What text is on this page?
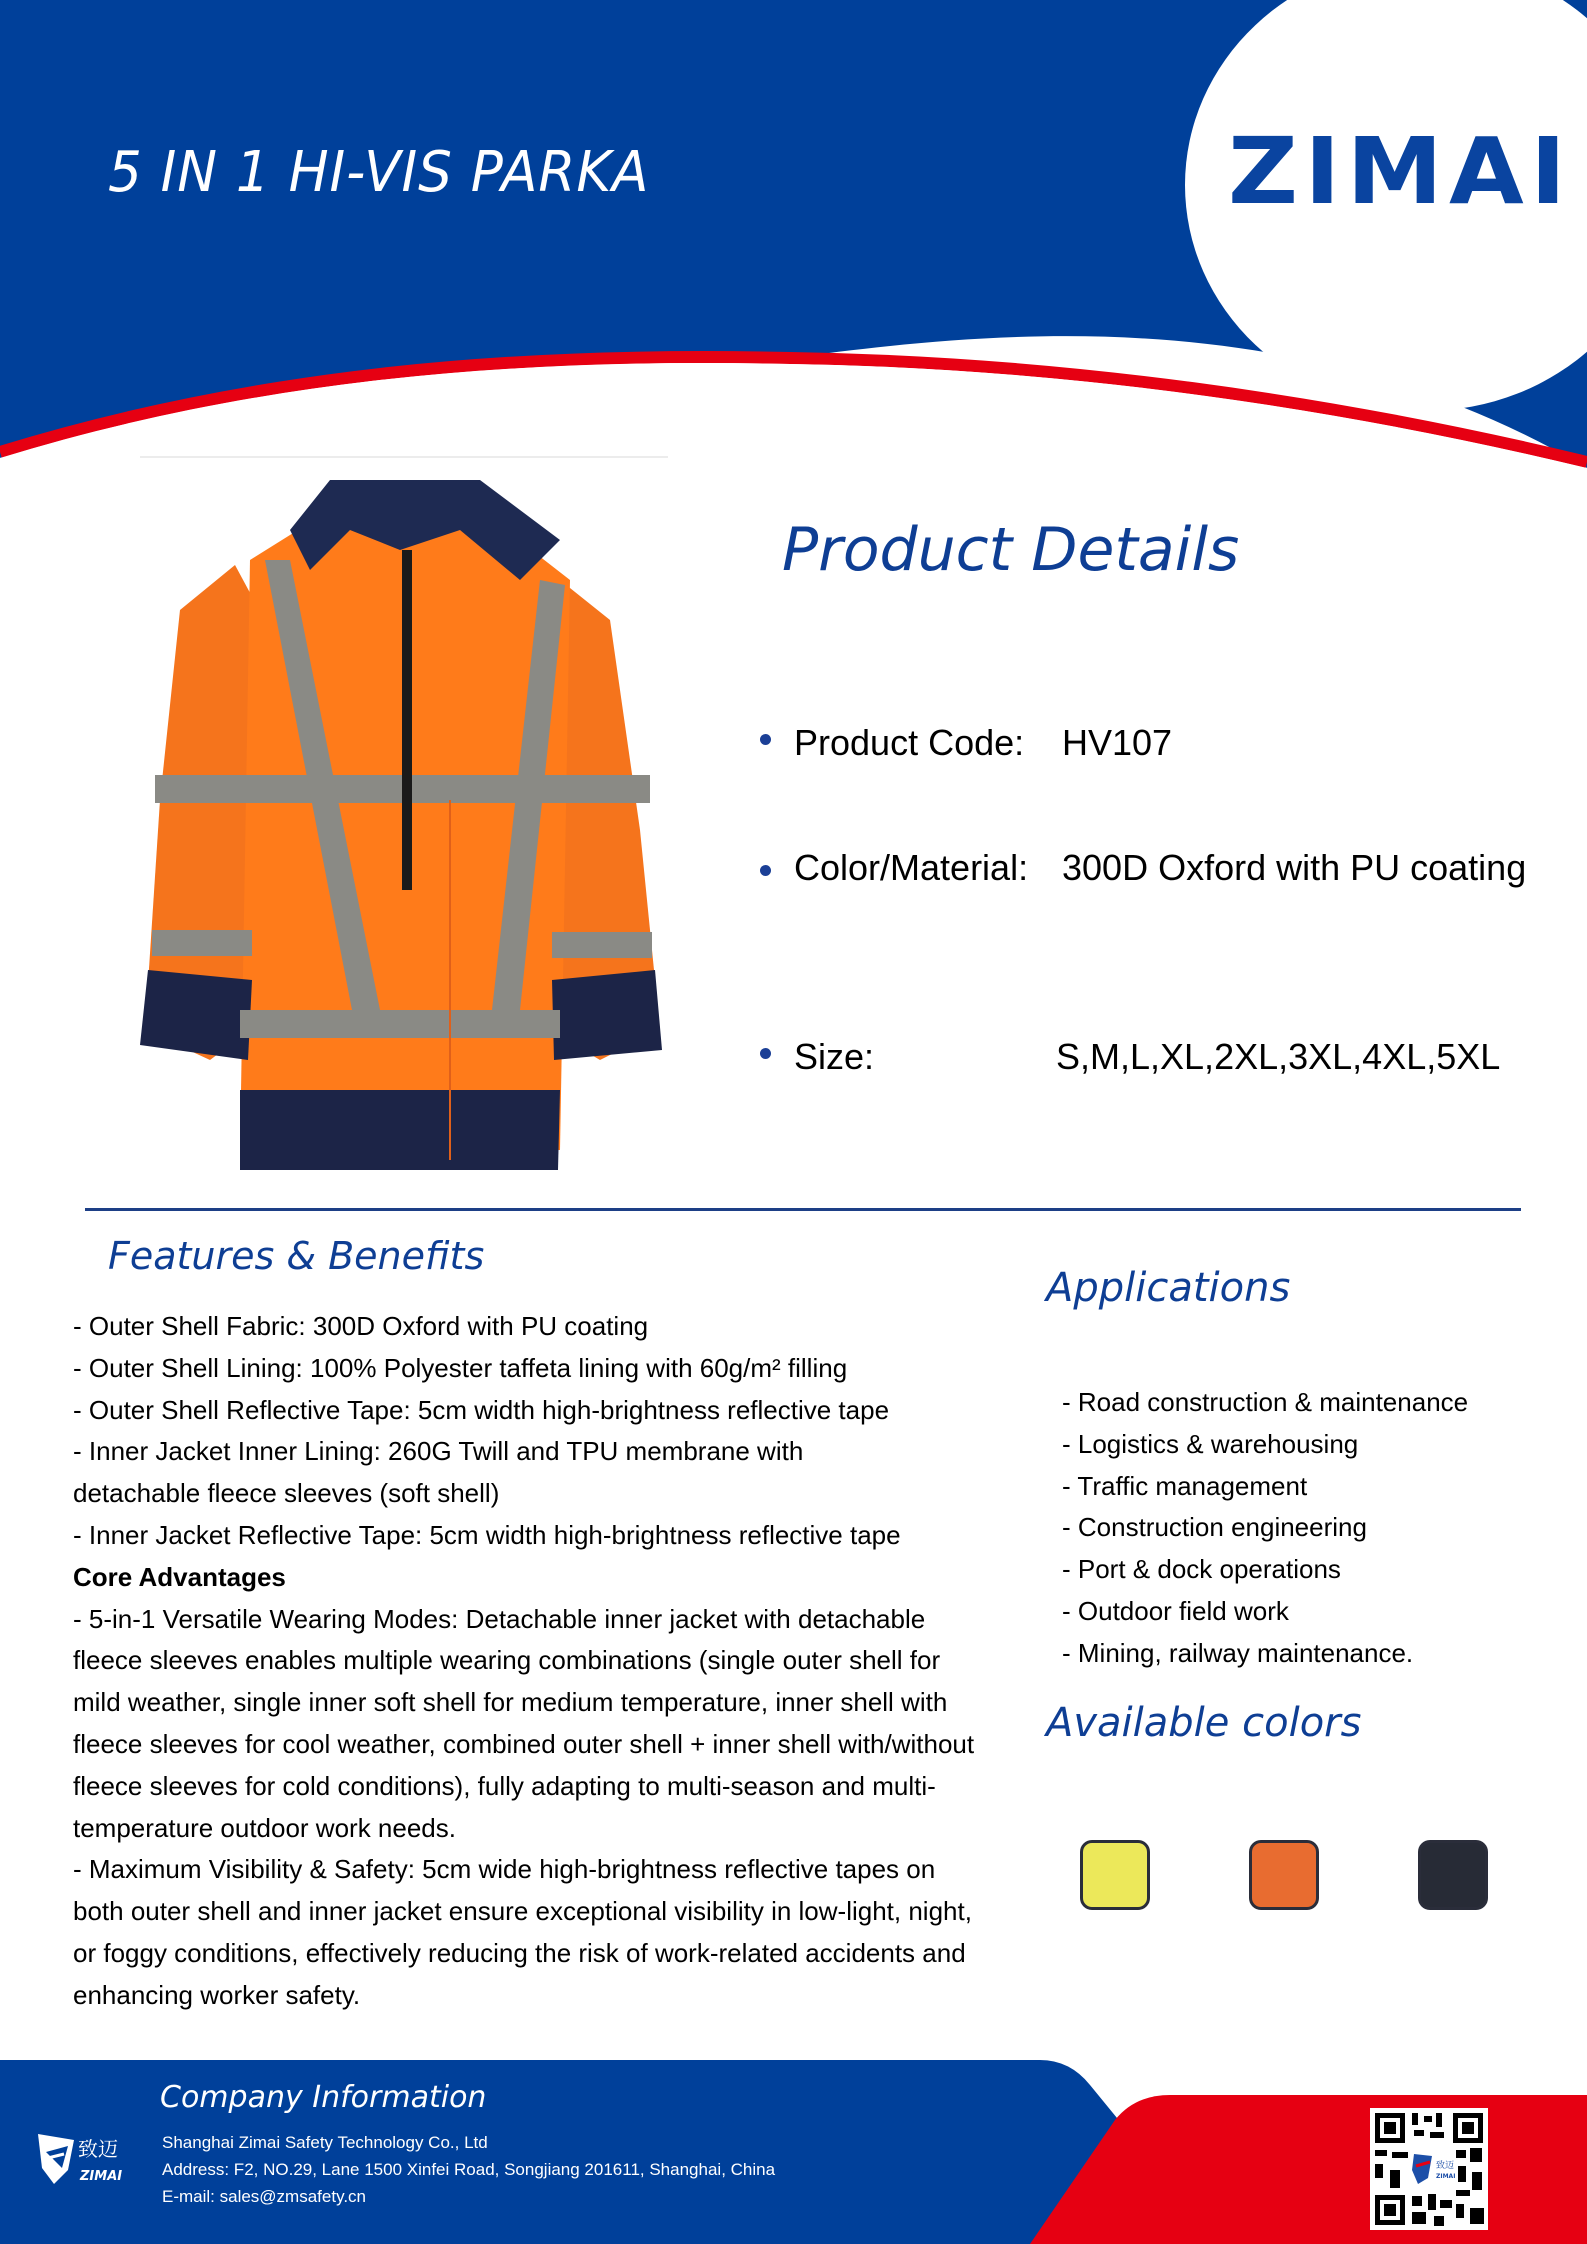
5 IN 1 HI-VIS PARKA	ZIMAI
Product Details
Product Code:	HV107
Color/Material: 300D Oxford with PU coating
Size:	S,M,L,XL,2XL,3XL,4XL,5XL
Features & Benefits

- Outer Shell Fabric: 300D Oxford with PU coating

- Outer Shell Lining: 100% Polyester taffeta lining with 60g/m² filling

- Outer Shell Reflective Tape: 5cm width high-brightness reflective tape

- Inner Jacket Inner Lining: 260G Twill and TPU membrane with detachable fleece sleeves (soft shell)

- Inner Jacket Reflective Tape: 5cm width high-brightness reflective tape

Core Advantages

- 5-in-1 Versatile Wearing Modes: Detachable inner jacket with detachable fleece sleeves enables multiple wearing combinations (single outer shell for mild weather, single inner soft shell for medium temperature, inner shell with fleece sleeves for cool weather, combined outer shell + inner shell with/without fleece sleeves for cold conditions), fully adapting to multi-season and multi-temperature outdoor work needs.

- Maximum Visibility & Safety: 5cm wide high-brightness reflective tapes on both outer shell and inner jacket ensure exceptional visibility in low-light, night, or foggy conditions, effectively reducing the risk of work-related accidents and enhancing worker safety.

Applications

- Road construction & maintenance

- Logistics & warehousing

- Traffic management

- Construction engineering

- Port & dock operations

- Outdoor field work

- Mining, railway maintenance.

Available colors
Company Information
Shanghai Zimai Safety Technology Co., Ltd
Address: F2, NO.29, Lane 1500 Xinfei Road, Songjiang 201611, Shanghai, China
E-mail: sales@zmsafety.cn
致迈
ZIMAI
致迈
ZIMAI
